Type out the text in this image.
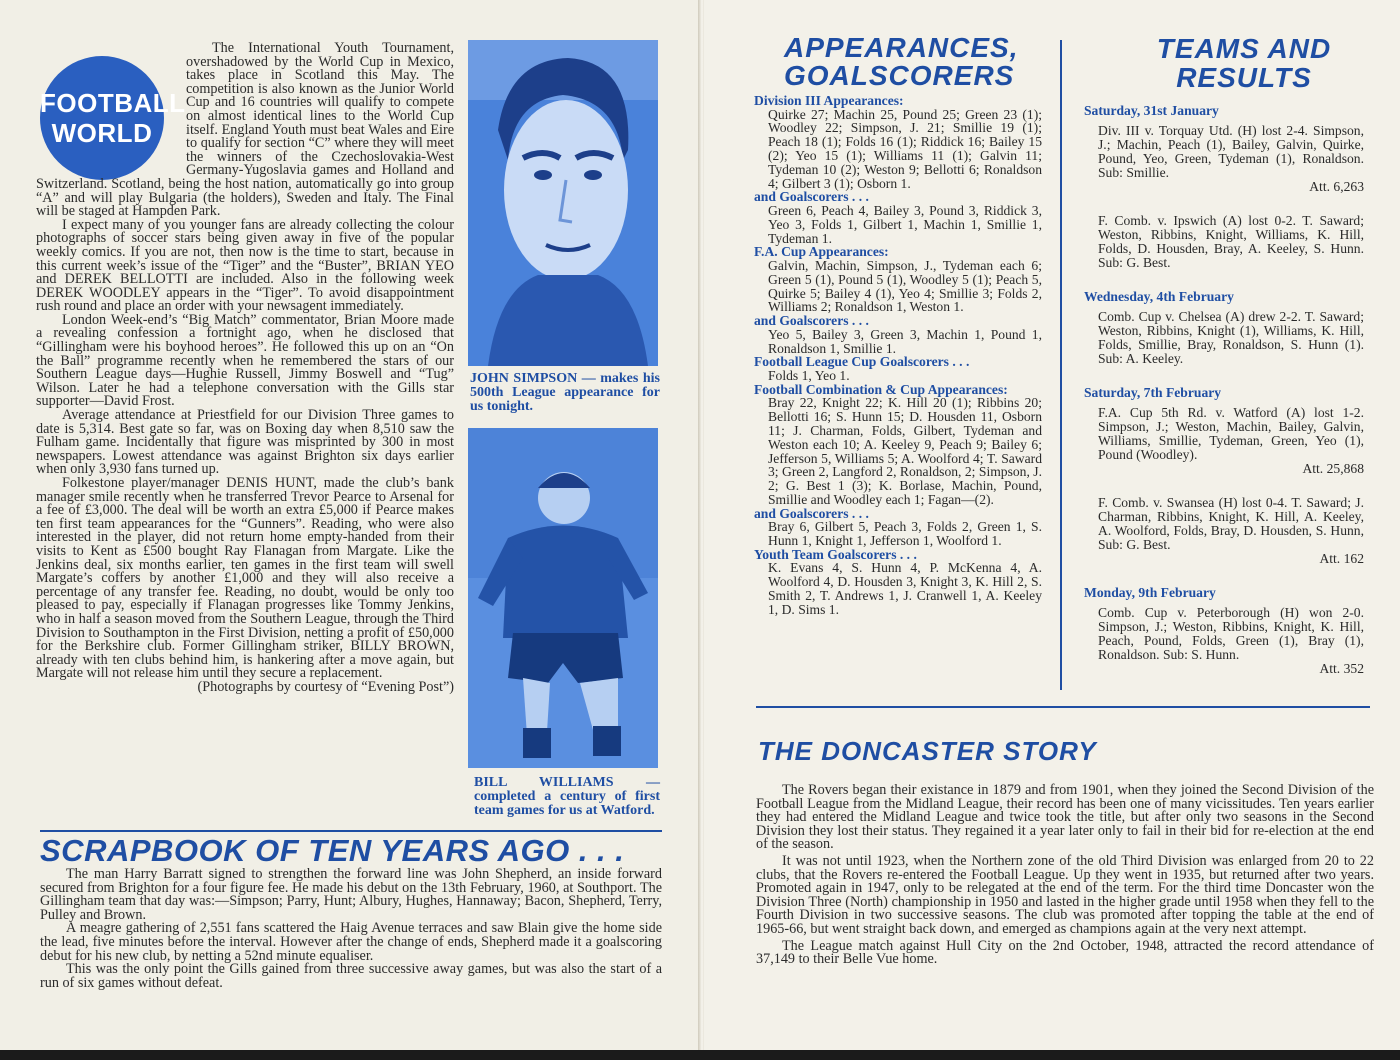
FOOTBALL
WORLD

The International Youth Tournament, overshadowed by the World Cup in Mexico, takes place in Scotland this May. The competition is also known as the Junior World Cup and 16 countries will qualify to compete on almost identical lines to the World Cup itself. England Youth must beat Wales and Eire to qualify for section “C” where they will meet the winners of the Czechoslovakia-West Germany-Yugoslavia games and Holland and Switzerland. Scotland, being the host nation, automatically go into group “A” and will play Bulgaria (the holders), Sweden and Italy. The Final will be staged at Hampden Park.

I expect many of you younger fans are already collecting the colour photographs of soccer stars being given away in five of the popular weekly comics. If you are not, then now is the time to start, because in this current week’s issue of the “Tiger” and the “Buster”, BRIAN YEO and DEREK BELLOTTI are included. Also in the following week DEREK WOODLEY appears in the “Tiger”. To avoid disappointment rush round and place an order with your newsagent immediately.

London Week-end’s “Big Match” commentator, Brian Moore made a revealing confession a fortnight ago, when he disclosed that “Gillingham were his boyhood heroes”. He followed this up on an “On the Ball” programme recently when he remembered the stars of our Southern League days—Hughie Russell, Jimmy Boswell and “Tug” Wilson. Later he had a telephone conversation with the Gills star supporter—David Frost.

Average attendance at Priestfield for our Division Three games to date is 5,314. Best gate so far, was on Boxing day when 8,510 saw the Fulham game. Incidentally that figure was misprinted by 300 in most newspapers. Lowest attendance was against Brighton six days earlier when only 3,930 fans turned up.

Folkestone player/manager DENIS HUNT, made the club’s bank manager smile recently when he transferred Trevor Pearce to Arsenal for a fee of £3,000. The deal will be worth an extra £5,000 if Pearce makes ten first team appearances for the “Gunners”. Reading, who were also interested in the player, did not return home empty-handed from their visits to Kent as £500 bought Ray Flanagan from Margate. Like the Jenkins deal, six months earlier, ten games in the first team will swell Margate’s coffers by another £1,000 and they will also receive a percentage of any transfer fee. Reading, no doubt, would be only too pleased to pay, especially if Flanagan progresses like Tommy Jenkins, who in half a season moved from the Southern League, through the Third Division to Southampton in the First Division, netting a profit of £50,000 for the Berkshire club. Former Gillingham striker, BILLY BROWN, already with ten clubs behind him, is hankering after a move again, but Margate will not release him until they secure a replacement.

(Photographs by courtesy of “Evening Post”)

JOHN SIMPSON — makes his 500th League appearance for us tonight.
BILL WILLIAMS — completed a century of first team games for us at Watford.
SCRAPBOOK OF TEN YEARS AGO . . .

The man Harry Barratt signed to strengthen the forward line was John Shepherd, an inside forward secured from Brighton for a four figure fee. He made his debut on the 13th February, 1960, at Southport. The Gillingham team that day was:—Simpson; Parry, Hunt; Albury, Hughes, Hannaway; Bacon, Shepherd, Terry, Pulley and Brown.

A meagre gathering of 2,551 fans scattered the Haig Avenue terraces and saw Blain give the home side the lead, five minutes before the interval. However after the change of ends, Shepherd made it a goalscoring debut for his new club, by netting a 52nd minute equaliser.

This was the only point the Gills gained from three successive away games, but was also the start of a run of six games without defeat.

APPEARANCES,
GOALSCORERS
Division III Appearances:
Quirke 27; Machin 25, Pound 25; Green 23 (1); Woodley 22; Simpson, J. 21; Smillie 19 (1); Peach 18 (1); Folds 16 (1); Riddick 16; Bailey 15 (2); Yeo 15 (1); Williams 11 (1); Galvin 11; Tydeman 10 (2); Weston 9; Bellotti 6; Ronaldson 4; Gilbert 3 (1); Osborn 1.
and Goalscorers . . .
Green 6, Peach 4, Bailey 3, Pound 3, Riddick 3, Yeo 3, Folds 1, Gilbert 1, Machin 1, Smillie 1, Tydeman 1.
F.A. Cup Appearances:
Galvin, Machin, Simpson, J., Tydeman each 6; Green 5 (1), Pound 5 (1), Woodley 5 (1); Peach 5, Quirke 5; Bailey 4 (1), Yeo 4; Smillie 3; Folds 2, Williams 2; Ronaldson 1, Weston 1.
and Goalscorers . . .
Yeo 5, Bailey 3, Green 3, Machin 1, Pound 1, Ronaldson 1, Smillie 1.
Football League Cup Goalscorers . . .
Folds 1, Yeo 1.
Football Combination & Cup Appearances:
Bray 22, Knight 22; K. Hill 20 (1); Ribbins 20; Bellotti 16; S. Hunn 15; D. Housden 11, Osborn 11; J. Charman, Folds, Gilbert, Tydeman and Weston each 10; A. Keeley 9, Peach 9; Bailey 6; Jefferson 5, Williams 5; A. Woolford 4; T. Saward 3; Green 2, Langford 2, Ronaldson, 2; Simpson, J. 2; G. Best 1 (3); K. Borlase, Machin, Pound, Smillie and Woodley each 1; Fagan—(2).
and Goalscorers . . .
Bray 6, Gilbert 5, Peach 3, Folds 2, Green 1, S. Hunn 1, Knight 1, Jefferson 1, Woolford 1.
Youth Team Goalscorers . . .
K. Evans 4, S. Hunn 4, P. McKenna 4, A. Woolford 4, D. Housden 3, Knight 3, K. Hill 2, S. Smith 2, T. Andrews 1, J. Cranwell 1, A. Keeley 1, D. Sims 1.
TEAMS AND
RESULTS
Saturday, 31st January
Div. III v. Torquay Utd. (H) lost 2-4. Simpson, J.; Machin, Peach (1), Bailey, Galvin, Quirke, Pound, Yeo, Green, Tydeman (1), Ronaldson. Sub: Smillie.
Att. 6,263
F. Comb. v. Ipswich (A) lost 0-2. T. Saward; Weston, Ribbins, Knight, Williams, K. Hill, Folds, D. Housden, Bray, A. Keeley, S. Hunn. Sub: G. Best.
Wednesday, 4th February
Comb. Cup v. Chelsea (A) drew 2-2. T. Saward; Weston, Ribbins, Knight (1), Williams, K. Hill, Folds, Smillie, Bray, Ronaldson, S. Hunn (1). Sub: A. Keeley.
Saturday, 7th February
F.A. Cup 5th Rd. v. Watford (A) lost 1-2. Simpson, J.; Weston, Machin, Bailey, Galvin, Williams, Smillie, Tydeman, Green, Yeo (1), Pound (Woodley).
Att. 25,868
F. Comb. v. Swansea (H) lost 0-4. T. Saward; J. Charman, Ribbins, Knight, K. Hill, A. Keeley, A. Woolford, Folds, Bray, D. Housden, S. Hunn, Sub: G. Best.
Att. 162
Monday, 9th February
Comb. Cup v. Peterborough (H) won 2-0. Simpson, J.; Weston, Ribbins, Knight, K. Hill, Peach, Pound, Folds, Green (1), Bray (1), Ronaldson. Sub: S. Hunn.
Att. 352
THE DONCASTER STORY

The Rovers began their existance in 1879 and from 1901, when they joined the Second Division of the Football League from the Midland League, their record has been one of many vicissitudes. Ten years earlier they had entered the Midland League and twice took the title, but after only two seasons in the Second Division they lost their status. They regained it a year later only to fail in their bid for re-election at the end of the season.

It was not until 1923, when the Northern zone of the old Third Division was enlarged from 20 to 22 clubs, that the Rovers re-entered the Football League. Up they went in 1935, but returned after two years. Promoted again in 1947, only to be relegated at the end of the term. For the third time Doncaster won the Division Three (North) championship in 1950 and lasted in the higher grade until 1958 when they fell to the Fourth Division in two successive seasons. The club was promoted after topping the table at the end of 1965-66, but went straight back down, and emerged as champions again at the very next attempt.

The League match against Hull City on the 2nd October, 1948, attracted the record attendance of 37,149 to their Belle Vue home.
